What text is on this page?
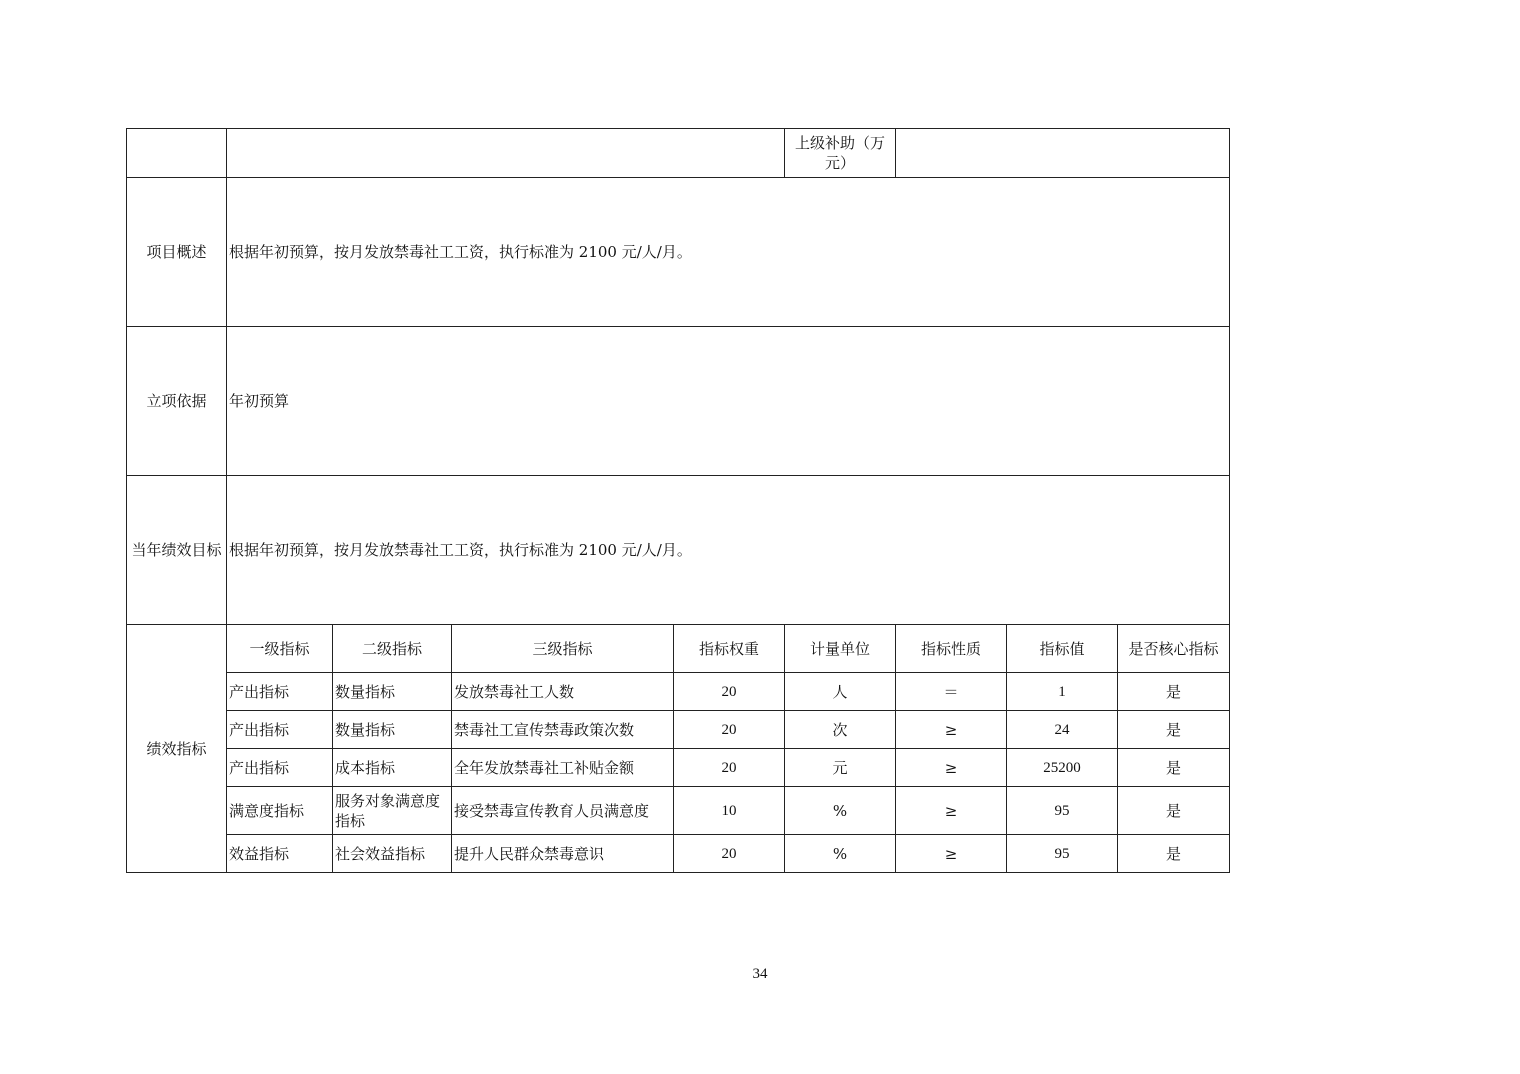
					上级补助（万元）			
项目概述	根据年初预算，按月发放禁毒社工工资，执行标准为 2100 元/人/月。							
立项依据	年初预算							
当年绩效目标	根据年初预算，按月发放禁毒社工工资，执行标准为 2100 元/人/月。							
绩效指标	一级指标	二级指标	三级指标	指标权重	计量单位	指标性质	指标值	是否核心指标
	产出指标	数量指标	发放禁毒社工人数	20	人	＝	1	是
	产出指标	数量指标	禁毒社工宣传禁毒政策次数	20	次	≥	24	是
	产出指标	成本指标	全年发放禁毒社工补贴金额	20	元	≥	25200	是
	满意度指标	服务对象满意度指标	接受禁毒宣传教育人员满意度	10	%	≥	95	是
	效益指标	社会效益指标	提升人民群众禁毒意识	20	%	≥	95	是
34
